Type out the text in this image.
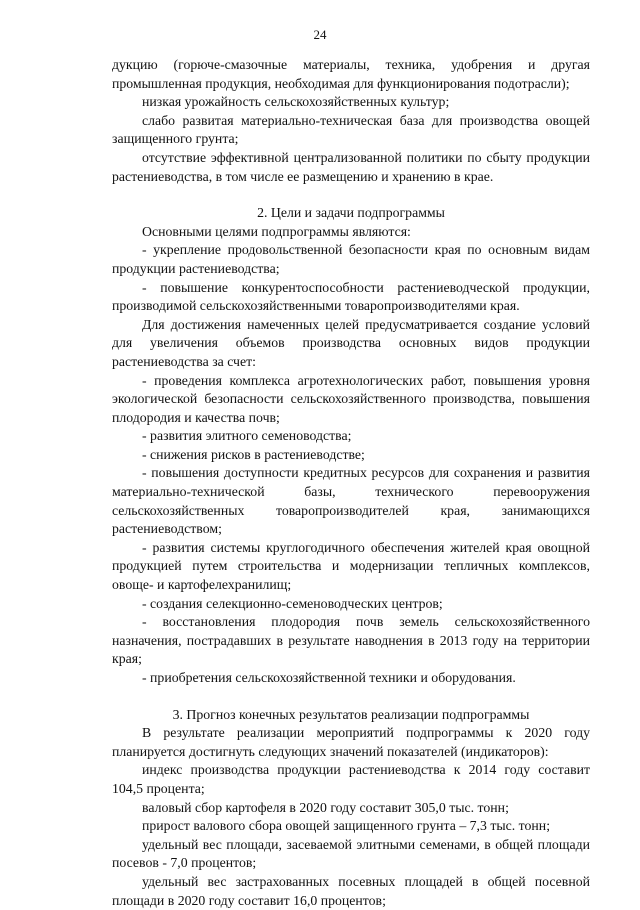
24

дукцию (горюче-смазочные материалы, техника, удобрения и другая промышленная продукция, необходимая для функционирования подотрасли);

низкая урожайность сельскохозяйственных культур;

слабо развитая материально-техническая база для производства овощей защищенного грунта;

отсутствие эффективной централизованной политики по сбыту продукции растениеводства, в том числе ее размещению и хранению в крае.

2. Цели и задачи подпрограммы

Основными целями подпрограммы являются:

- укрепление продовольственной безопасности края по основным видам продукции растениеводства;

- повышение конкурентоспособности растениеводческой продукции, производимой сельскохозяйственными товаропроизводителями края.

Для достижения намеченных целей предусматривается создание условий для увеличения объемов производства основных видов продукции растениеводства за счет:

- проведения комплекса агротехнологических работ, повышения уровня экологической безопасности сельскохозяйственного производства, повышения плодородия и качества почв;

- развития элитного семеноводства;

- снижения рисков в растениеводстве;

- повышения доступности кредитных ресурсов для сохранения и развития материально-технической базы, технического перевооружения сельскохозяйственных товаропроизводителей края, занимающихся растениеводством;

- развития системы круглогодичного обеспечения жителей края овощной продукцией путем строительства и модернизации тепличных комплексов, овоще- и картофелехранилищ;

- создания селекционно-семеноводческих центров;

- восстановления плодородия почв земель сельскохозяйственного назначения, пострадавших в результате наводнения в 2013 году на территории края;

- приобретения сельскохозяйственной техники и оборудования.

3. Прогноз конечных результатов реализации подпрограммы

В результате реализации мероприятий подпрограммы к 2020 году планируется достигнуть следующих значений показателей (индикаторов):

индекс производства продукции растениеводства к 2014 году составит 104,5 процента;

валовый сбор картофеля в 2020 году составит 305,0 тыс. тонн;

прирост валового сбора овощей защищенного грунта – 7,3 тыс. тонн;

удельный вес площади, засеваемой элитными семенами, в общей площади посевов - 7,0 процентов;

удельный вес застрахованных посевных площадей в общей посевной площади в 2020 году составит 16,0 процентов;
